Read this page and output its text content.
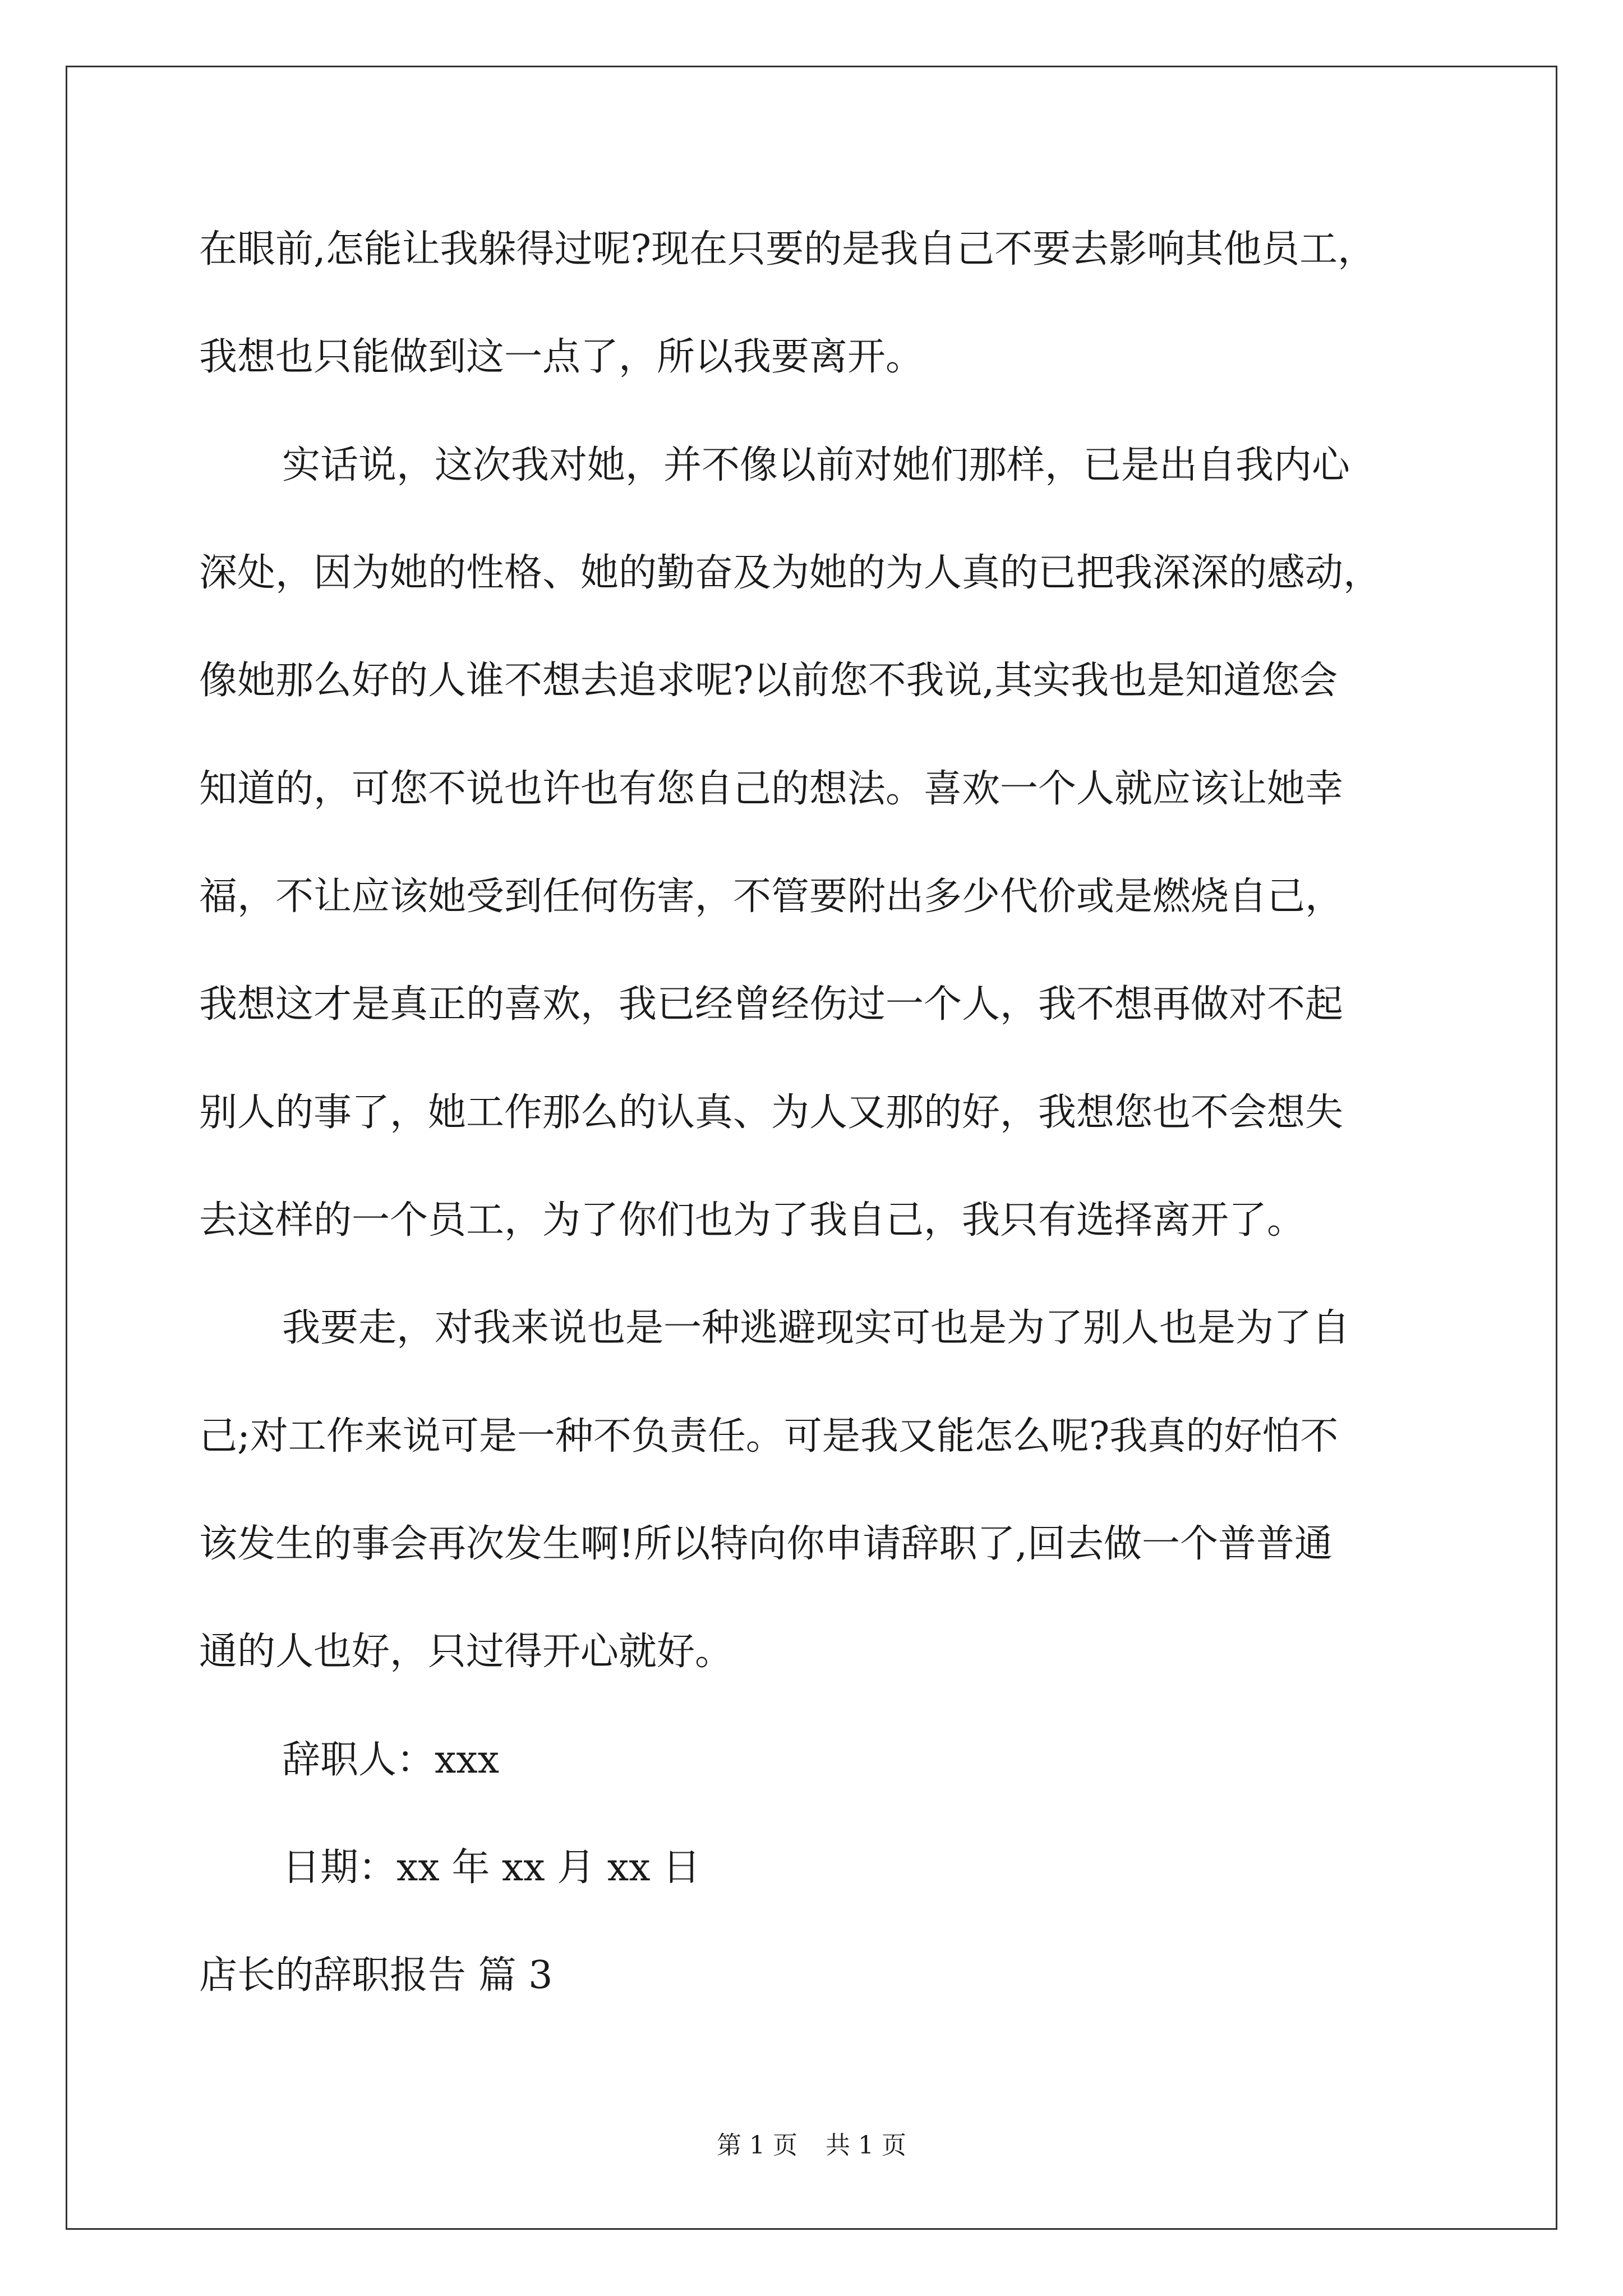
在眼前,怎能让我躲得过呢?现在只要的是我自己不要去影响其他员工，
我想也只能做到这一点了，所以我要离开。
实话说，这次我对她，并不像以前对她们那样，已是出自我内心
深处，因为她的性格、她的勤奋及为她的为人真的已把我深深的感动，
像她那么好的人谁不想去追求呢?以前您不我说,其实我也是知道您会
知道的，可您不说也许也有您自己的想法。喜欢一个人就应该让她幸
福，不让应该她受到任何伤害，不管要附出多少代价或是燃烧自己，
我想这才是真正的喜欢，我已经曾经伤过一个人，我不想再做对不起
别人的事了，她工作那么的认真、为人又那的好，我想您也不会想失
去这样的一个员工，为了你们也为了我自己，我只有选择离开了。
我要走，对我来说也是一种逃避现实可也是为了别人也是为了自
己;对工作来说可是一种不负责任。可是我又能怎么呢?我真的好怕不
该发生的事会再次发生啊!所以特向你申请辞职了,回去做一个普普通
通的人也好，只过得开心就好。
辞职人：xxx
日期：xx 年 xx 月 xx 日
店长的辞职报告 篇 3
第 1 页 共 1 页
